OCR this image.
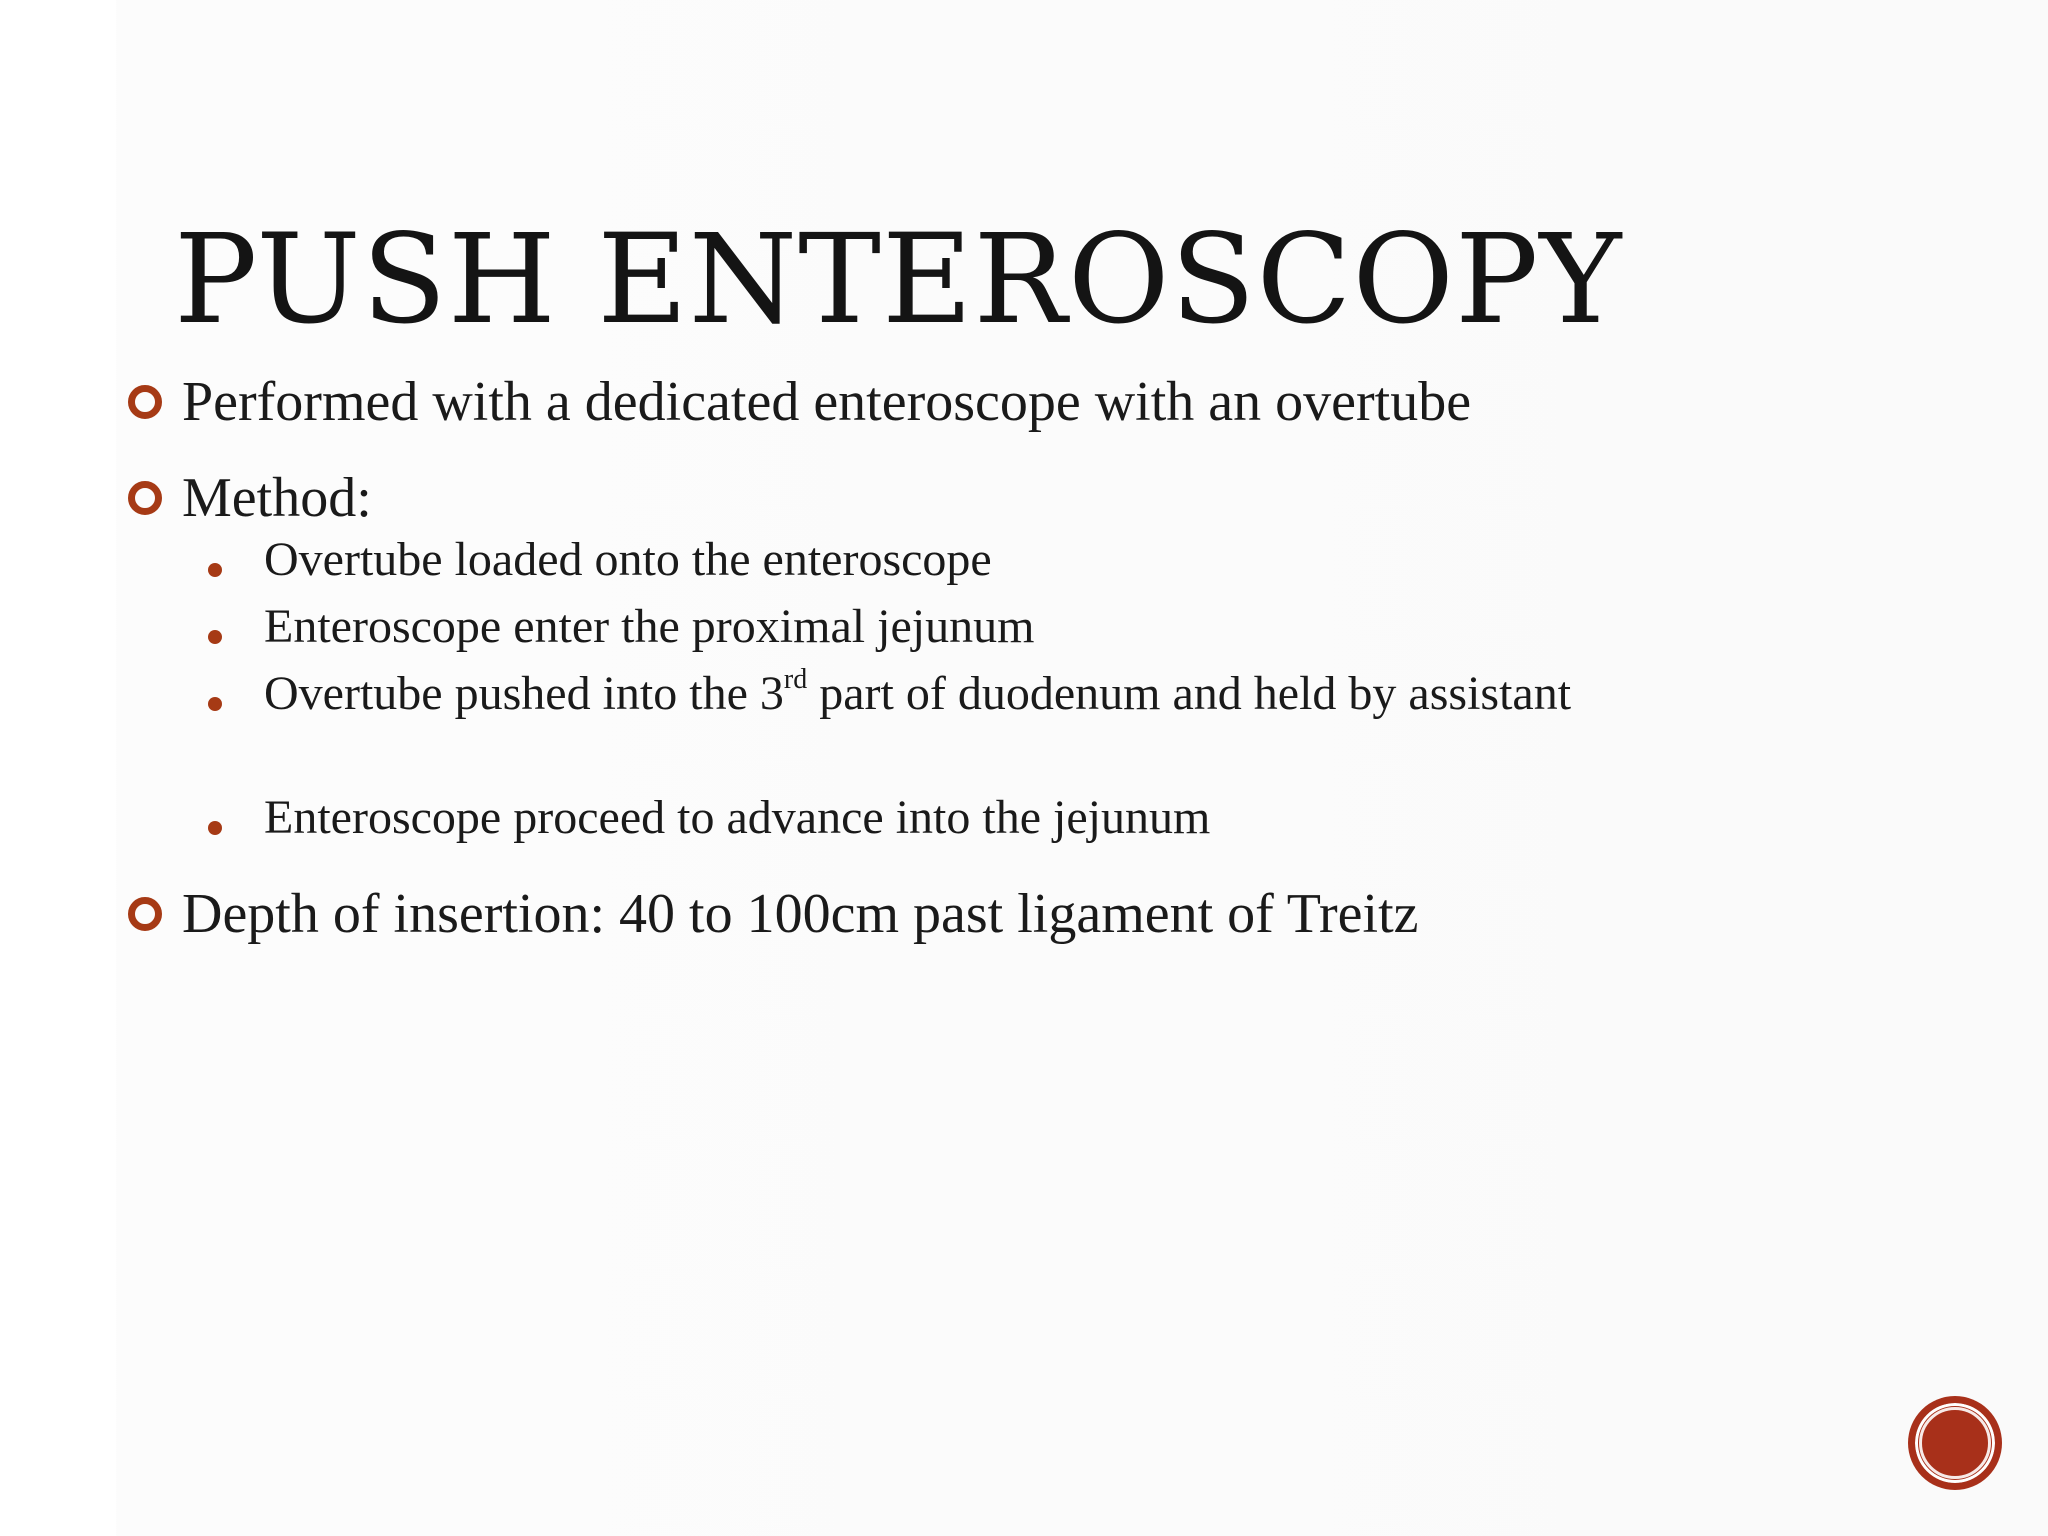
PUSH ENTEROSCOPY
Performed with a dedicated enteroscope with an overtube
Method:
Overtube loaded onto the enteroscope
Enteroscope enter the proximal jejunum
Overtube pushed into the 3rd part of duodenum and held by assistant
Enteroscope proceed to advance into the jejunum
Depth of insertion: 40 to 100cm past ligament of Treitz
